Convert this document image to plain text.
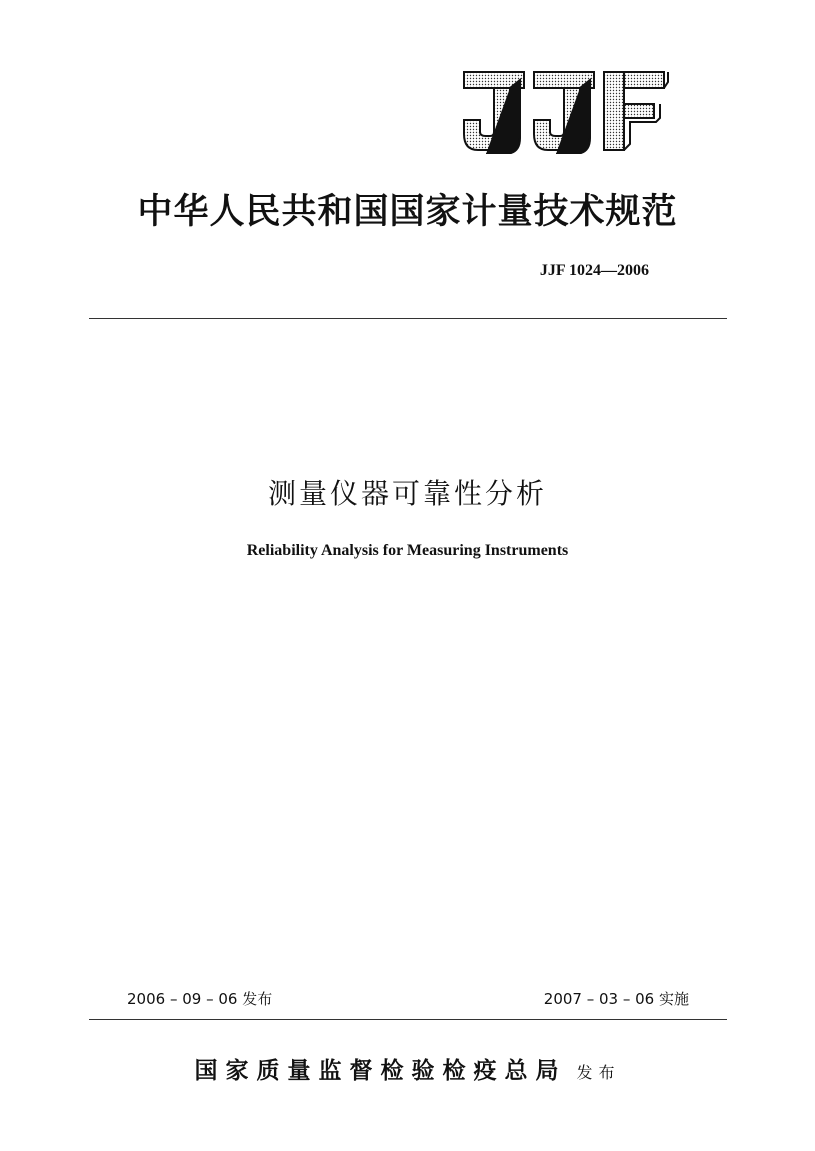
中华人民共和国国家计量技术规范
JJF 1024—2006
测量仪器可靠性分析
Reliability Analysis for Measuring Instruments
2006 – 09 – 06 发布	2007 – 03 – 06 实施
国家质量监督检验检疫总局 发布
